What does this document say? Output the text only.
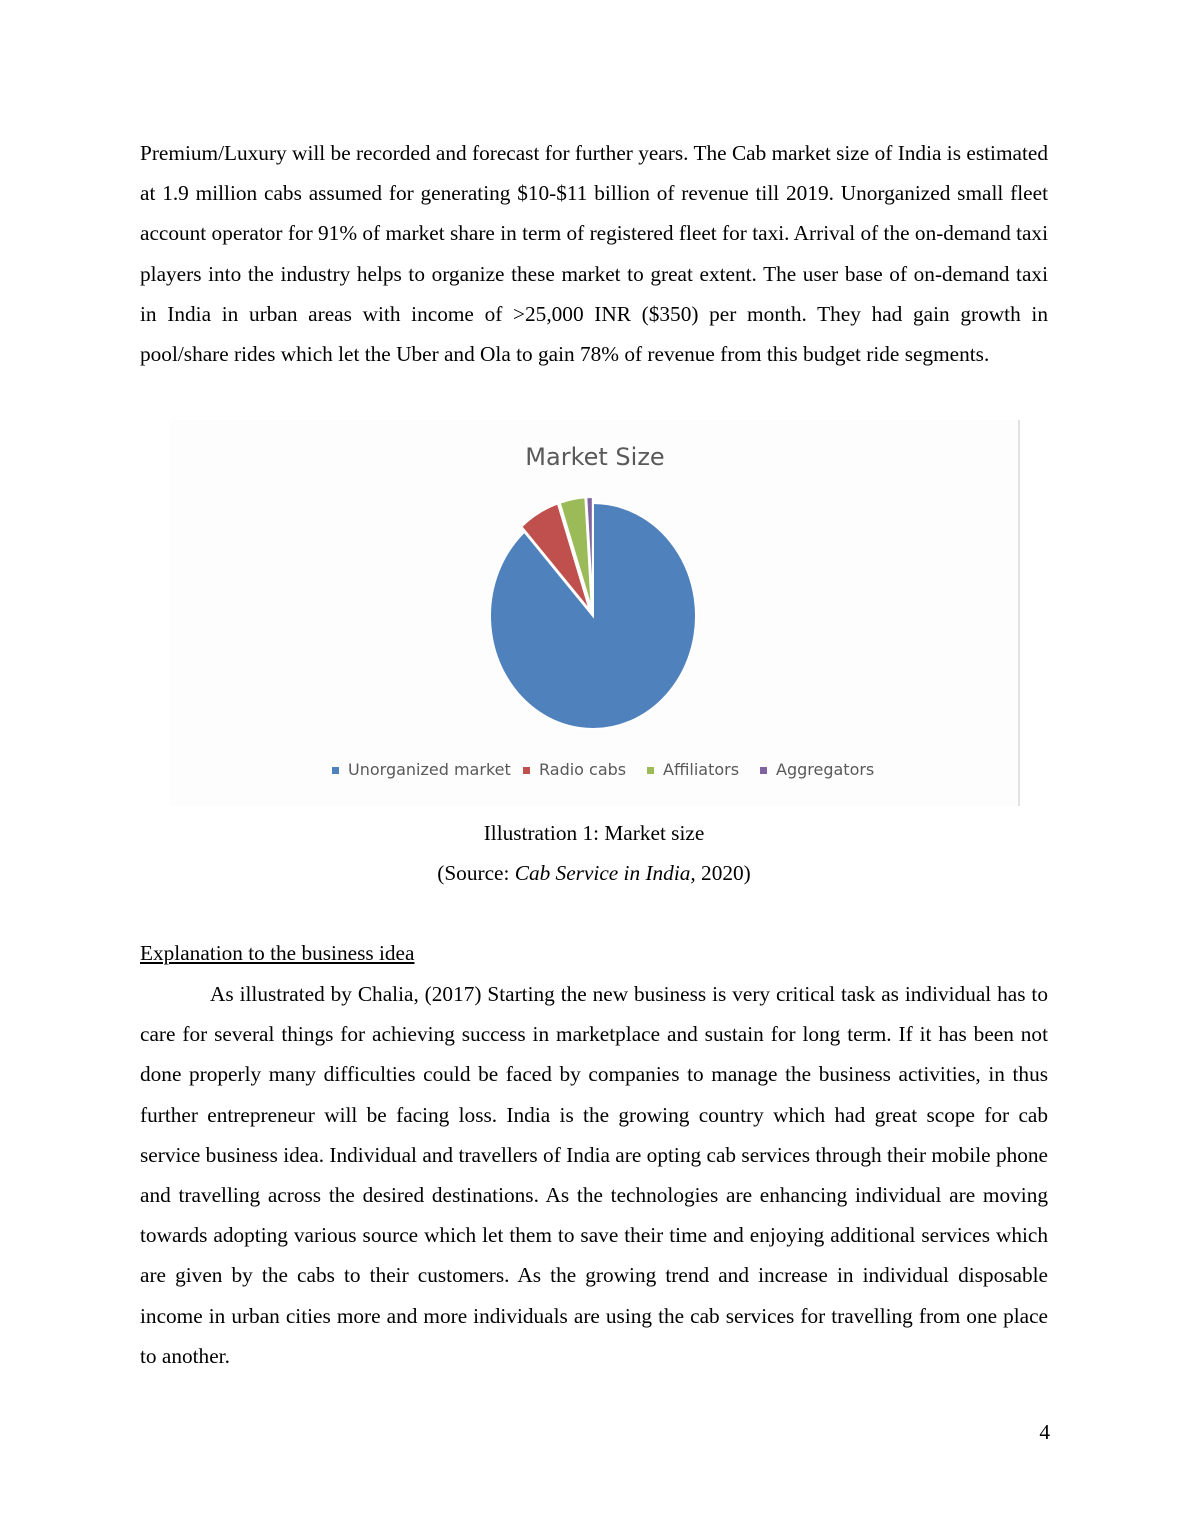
Premium/Luxury will be recorded and forecast for further years. The Cab market size of India is estimated at 1.9 million cabs assumed for generating $10-$11 billion of revenue till 2019. Unorganized small fleet account operator for 91% of market share in term of registered fleet for taxi. Arrival of the on-demand taxi players into the industry helps to organize these market to great extent. The user base of on-demand taxi in India in urban areas with income of >25,000 INR ($350) per month. They had gain growth in pool/share rides which let the Uber and Ola to gain 78% of revenue from this budget ride segments.

Market Size
Unorganized market Radio cabs Affiliators Aggregators

Illustration 1: Market size

(Source: Cab Service in India, 2020)

Explanation to the business idea

As illustrated by Chalia, (2017) Starting the new business is very critical task as individual has to care for several things for achieving success in marketplace and sustain for long term. If it has been not done properly many difficulties could be faced by companies to manage the business activities, in thus further entrepreneur will be facing loss. India is the growing country which had great scope for cab service business idea. Individual and travellers of India are opting cab services through their mobile phone and travelling across the desired destinations. As the technologies are enhancing individual are moving towards adopting various source which let them to save their time and enjoying additional services which are given by the cabs to their customers. As the growing trend and increase in individual disposable income in urban cities more and more individuals are using the cab services for travelling from one place to another.

4
